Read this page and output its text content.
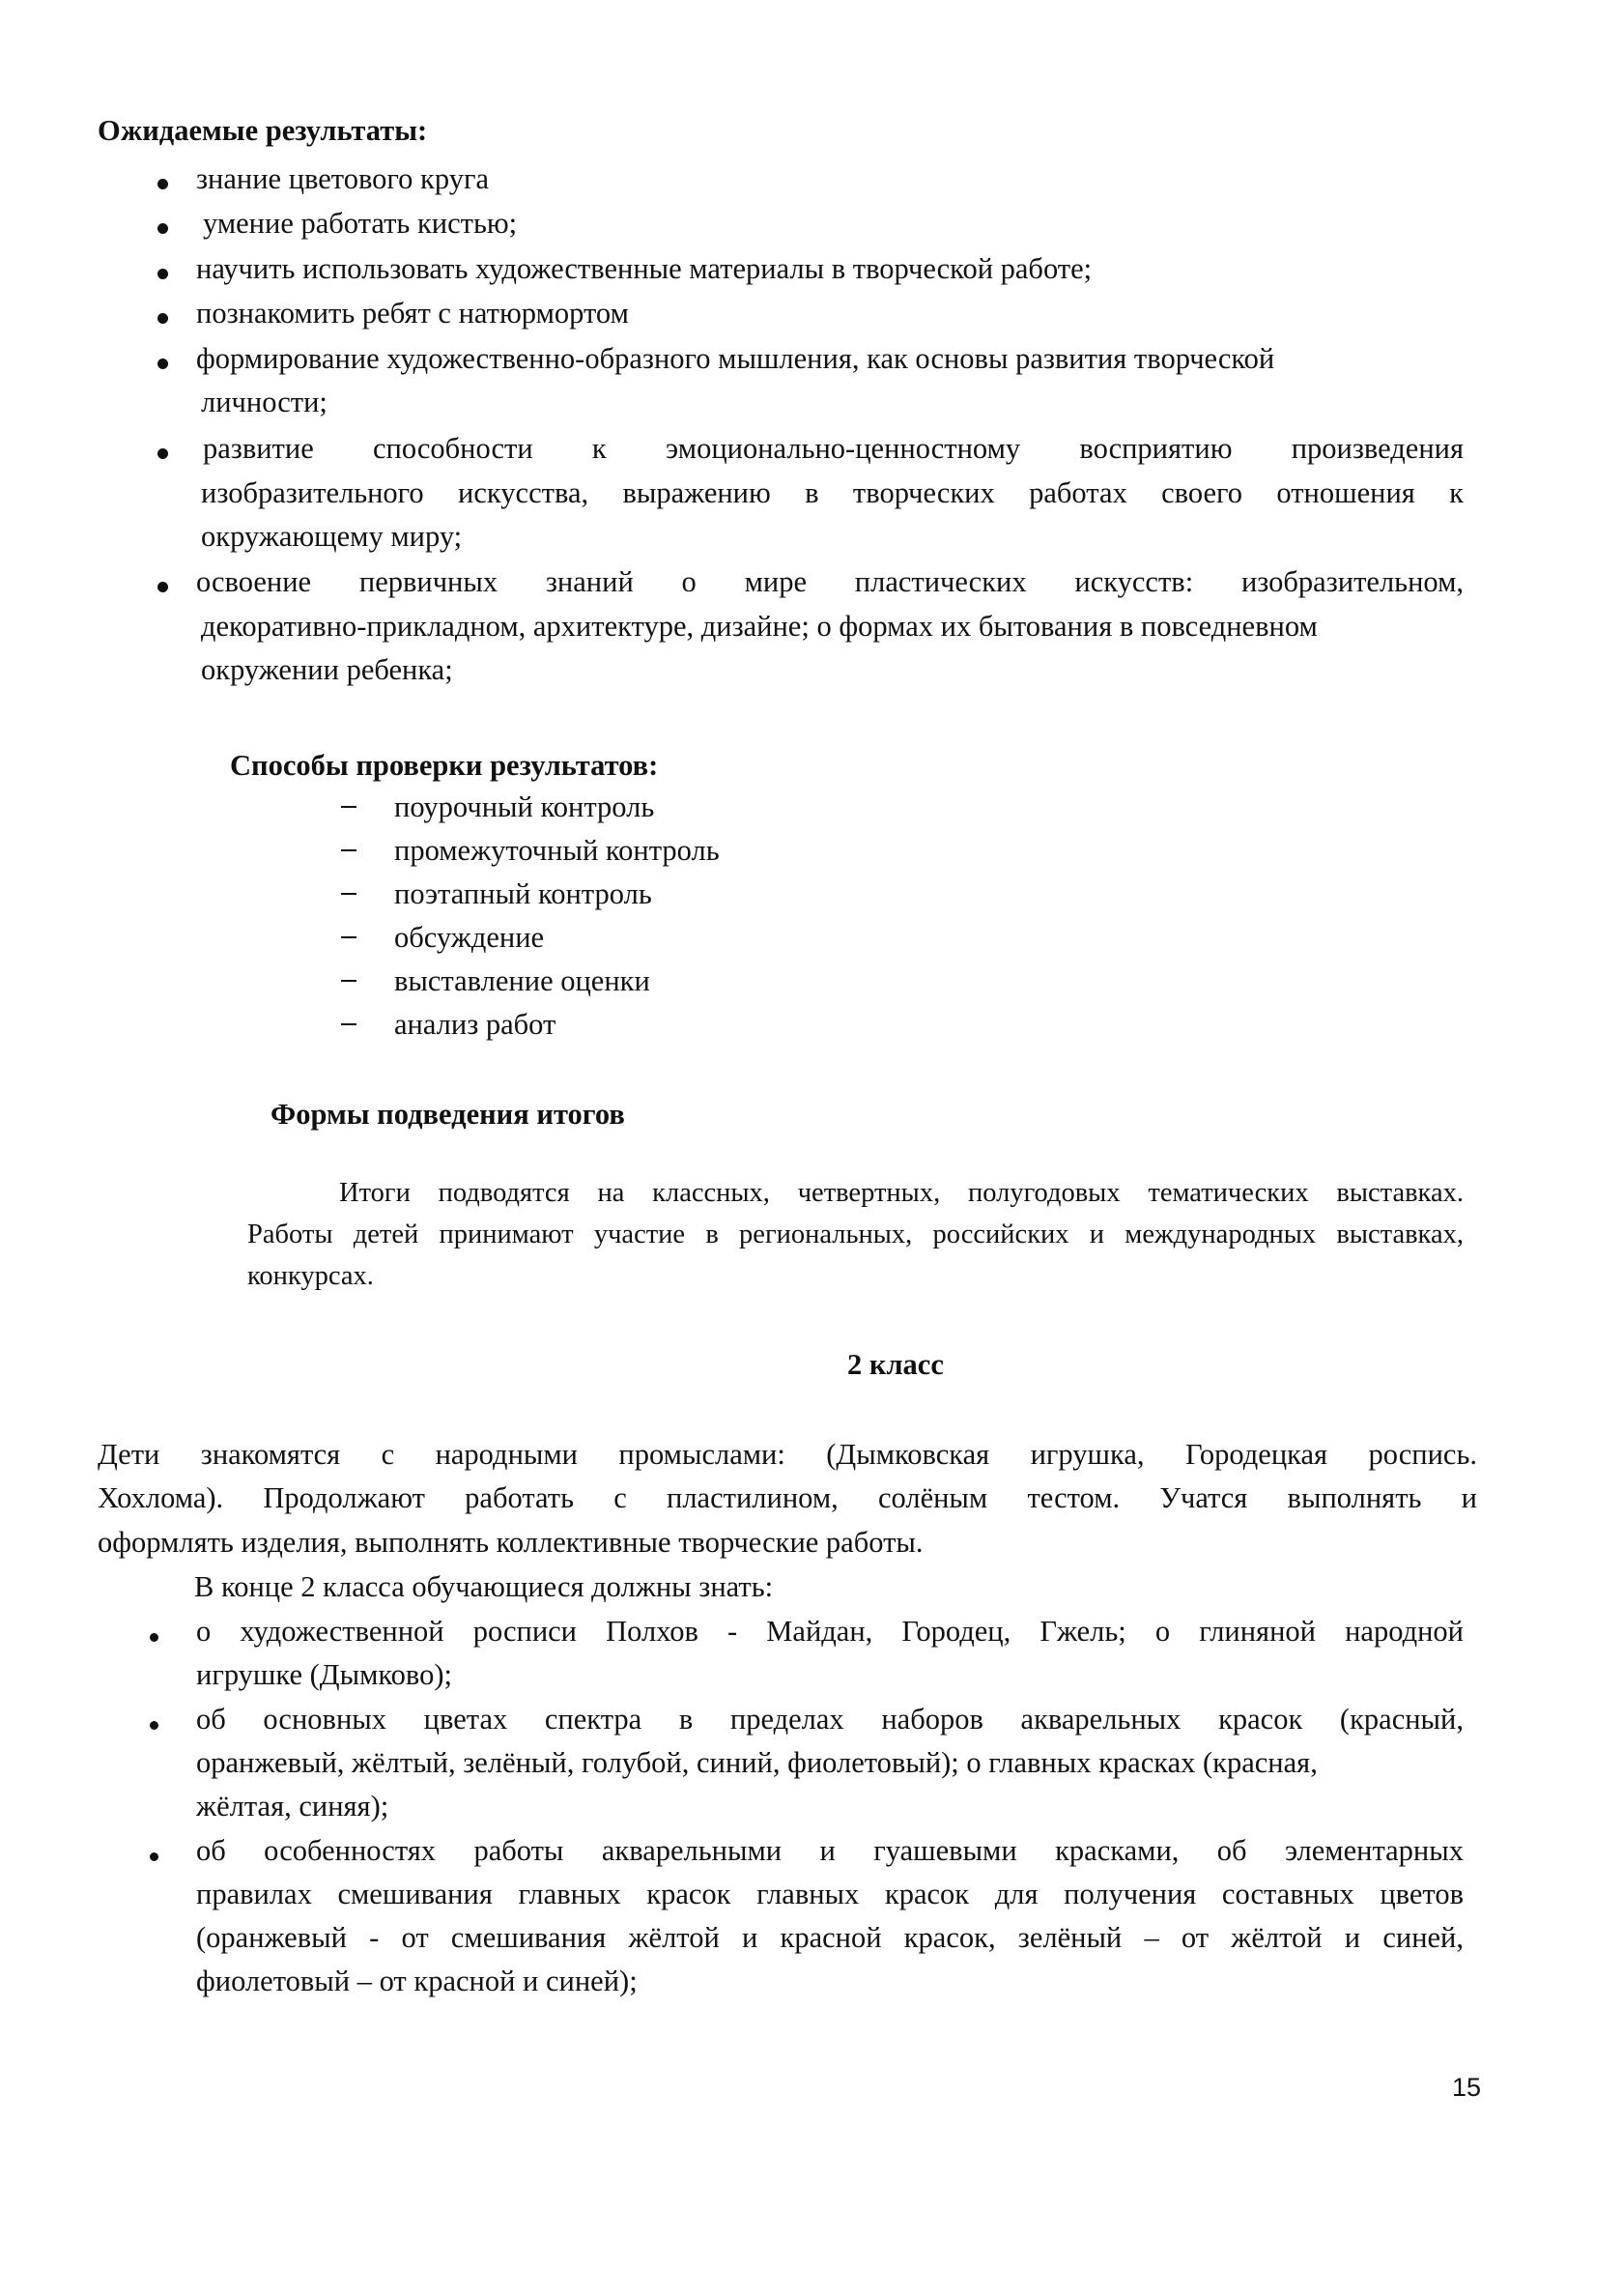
Ожидаемые результаты:

знание цветового круга

умение работать кистью;

научить использовать художественные материалы в творческой работе;

познакомить ребят с натюрмортом

формирование художественно-образного мышления, как основы развития творческой

личности;

развитие способности к эмоционально-ценностному восприятию произведения

изобразительного искусства, выражению в творческих работах своего отношения к

окружающему миру;

освоение первичных знаний о мире пластических искусств: изобразительном,

декоративно-прикладном, архитектуре, дизайне; о формах их бытования в повседневном

окружении ребенка;

Способы проверки результатов:

поурочный контроль

промежуточный контроль

поэтапный контроль

обсуждение

выставление оценки

анализ работ

Формы подведения итогов

Итоги подводятся на классных, четвертных, полугодовых тематических выставках.

Работы детей принимают участие в региональных, российских и международных выставках,

конкурсах.

2 класс

Дети знакомятся с народными промыслами: (Дымковская игрушка, Городецкая роспись.

Хохлома). Продолжают работать с пластилином, солёным тестом. Учатся выполнять и

оформлять изделия, выполнять коллективные творческие работы.

В конце 2 класса обучающиеся должны знать:

о художественной росписи Полхов - Майдан, Городец, Гжель; о глиняной народной

игрушке (Дымково);

об основных цветах спектра в пределах наборов акварельных красок (красный,

оранжевый, жёлтый, зелёный, голубой, синий, фиолетовый); о главных красках (красная,

жёлтая, синяя);

об особенностях работы акварельными и гуашевыми красками, об элементарных

правилах смешивания главных красок главных красок для получения составных цветов

(оранжевый - от смешивания жёлтой и красной красок, зелёный – от жёлтой и синей,

фиолетовый – от красной и синей);

15
